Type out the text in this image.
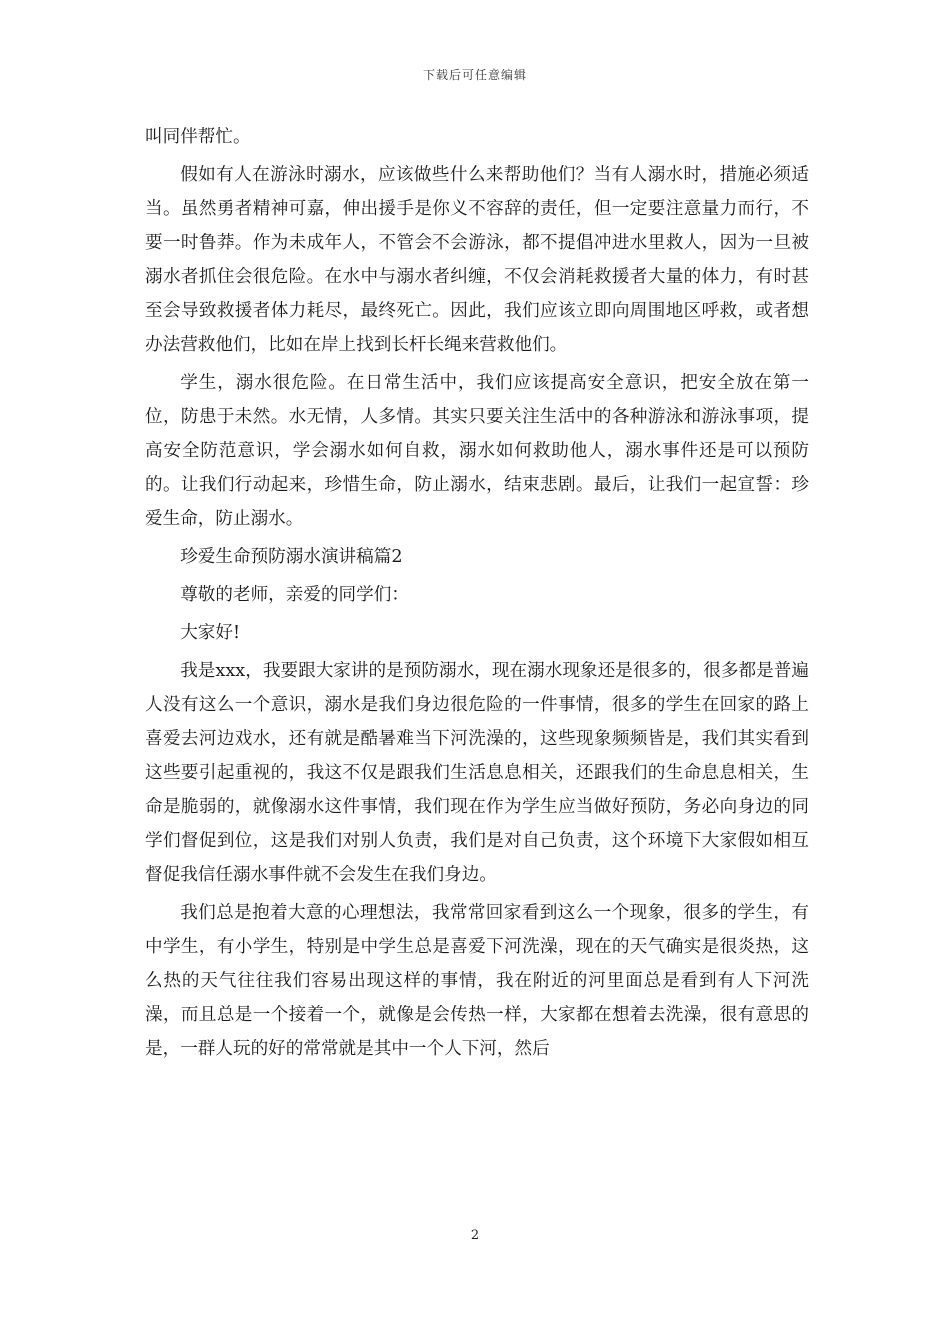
下载后可任意编辑

叫同伴帮忙。

假如有人在游泳时溺水，应该做些什么来帮助他们？当有人溺水时，措施必须适当。虽然勇者精神可嘉，伸出援手是你义不容辞的责任，但一定要注意量力而行，不要一时鲁莽。作为未成年人，不管会不会游泳，都不提倡冲进水里救人，因为一旦被溺水者抓住会很危险。在水中与溺水者纠缠，不仅会消耗救援者大量的体力，有时甚至会导致救援者体力耗尽，最终死亡。因此，我们应该立即向周围地区呼救，或者想办法营救他们，比如在岸上找到长杆长绳来营救他们。

学生，溺水很危险。在日常生活中，我们应该提高安全意识，把安全放在第一位，防患于未然。水无情，人多情。其实只要关注生活中的各种游泳和游泳事项，提高安全防范意识，学会溺水如何自救，溺水如何救助他人，溺水事件还是可以预防的。让我们行动起来，珍惜生命，防止溺水，结束悲剧。最后，让我们一起宣誓：珍爱生命，防止溺水。

珍爱生命预防溺水演讲稿篇2

尊敬的老师，亲爱的同学们：

大家好!

我是xxx，我要跟大家讲的是预防溺水，现在溺水现象还是很多的，很多都是普遍人没有这么一个意识，溺水是我们身边很危险的一件事情，很多的学生在回家的路上喜爱去河边戏水，还有就是酷暑难当下河洗澡的，这些现象频频皆是，我们其实看到这些要引起重视的，我这不仅是跟我们生活息息相关，还跟我们的生命息息相关，生命是脆弱的，就像溺水这件事情，我们现在作为学生应当做好预防，务必向身边的同学们督促到位，这是我们对别人负责，我们是对自己负责，这个环境下大家假如相互督促我信任溺水事件就不会发生在我们身边。

我们总是抱着大意的心理想法，我常常回家看到这么一个现象，很多的学生，有中学生，有小学生，特别是中学生总是喜爱下河洗澡，现在的天气确实是很炎热，这么热的天气往往我们容易出现这样的事情，我在附近的河里面总是看到有人下河洗澡，而且总是一个接着一个，就像是会传热一样，大家都在想着去洗澡，很有意思的是，一群人玩的好的常常就是其中一个人下河，然后

2
